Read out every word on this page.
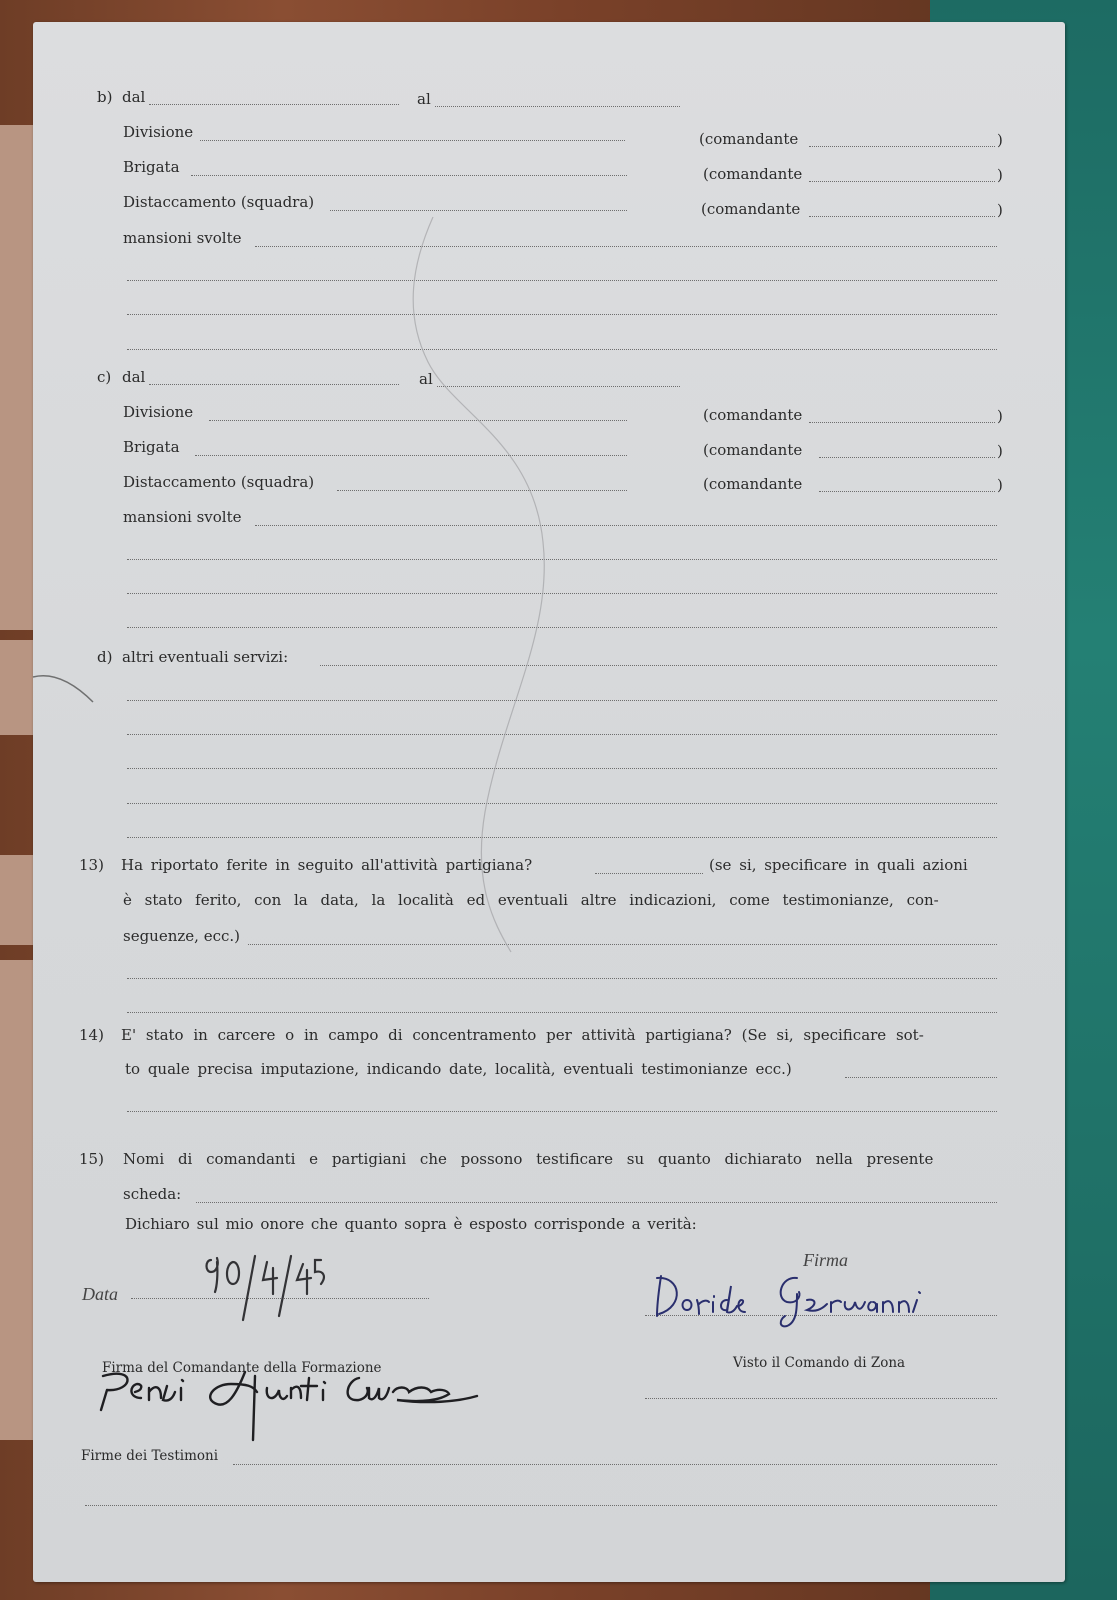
b) dal	al
Divisione	(comandante	)
Brigata	(comandante	)
Distaccamento (squadra)	(comandante	)
mansioni svolte
c) dal	al
Divisione	(comandante	)
Brigata	(comandante	)
Distaccamento (squadra)	(comandante	)
mansioni svolte
d) altri eventuali servizi:
13) Ha riportato ferite in seguito all'attività partigiana?	(se si, specificare in quali azioni
è stato ferito, con la data, la località ed eventuali altre indicazioni, come testimonianze, con-
seguenze, ecc.)
14) E' stato in carcere o in campo di concentramento per attività partigiana? (Se si, specificare sot-
to quale precisa imputazione, indicando date, località, eventuali testimonianze ecc.)
15) Nomi di comandanti e partigiani che possono testificare su quanto dichiarato nella presente
scheda:
Dichiaro sul mio onore che quanto sopra è esposto corrisponde a verità:
Data
Firma
Firma del Comandante della Formazione	Visto il Comando di Zona
Firme dei Testimoni
